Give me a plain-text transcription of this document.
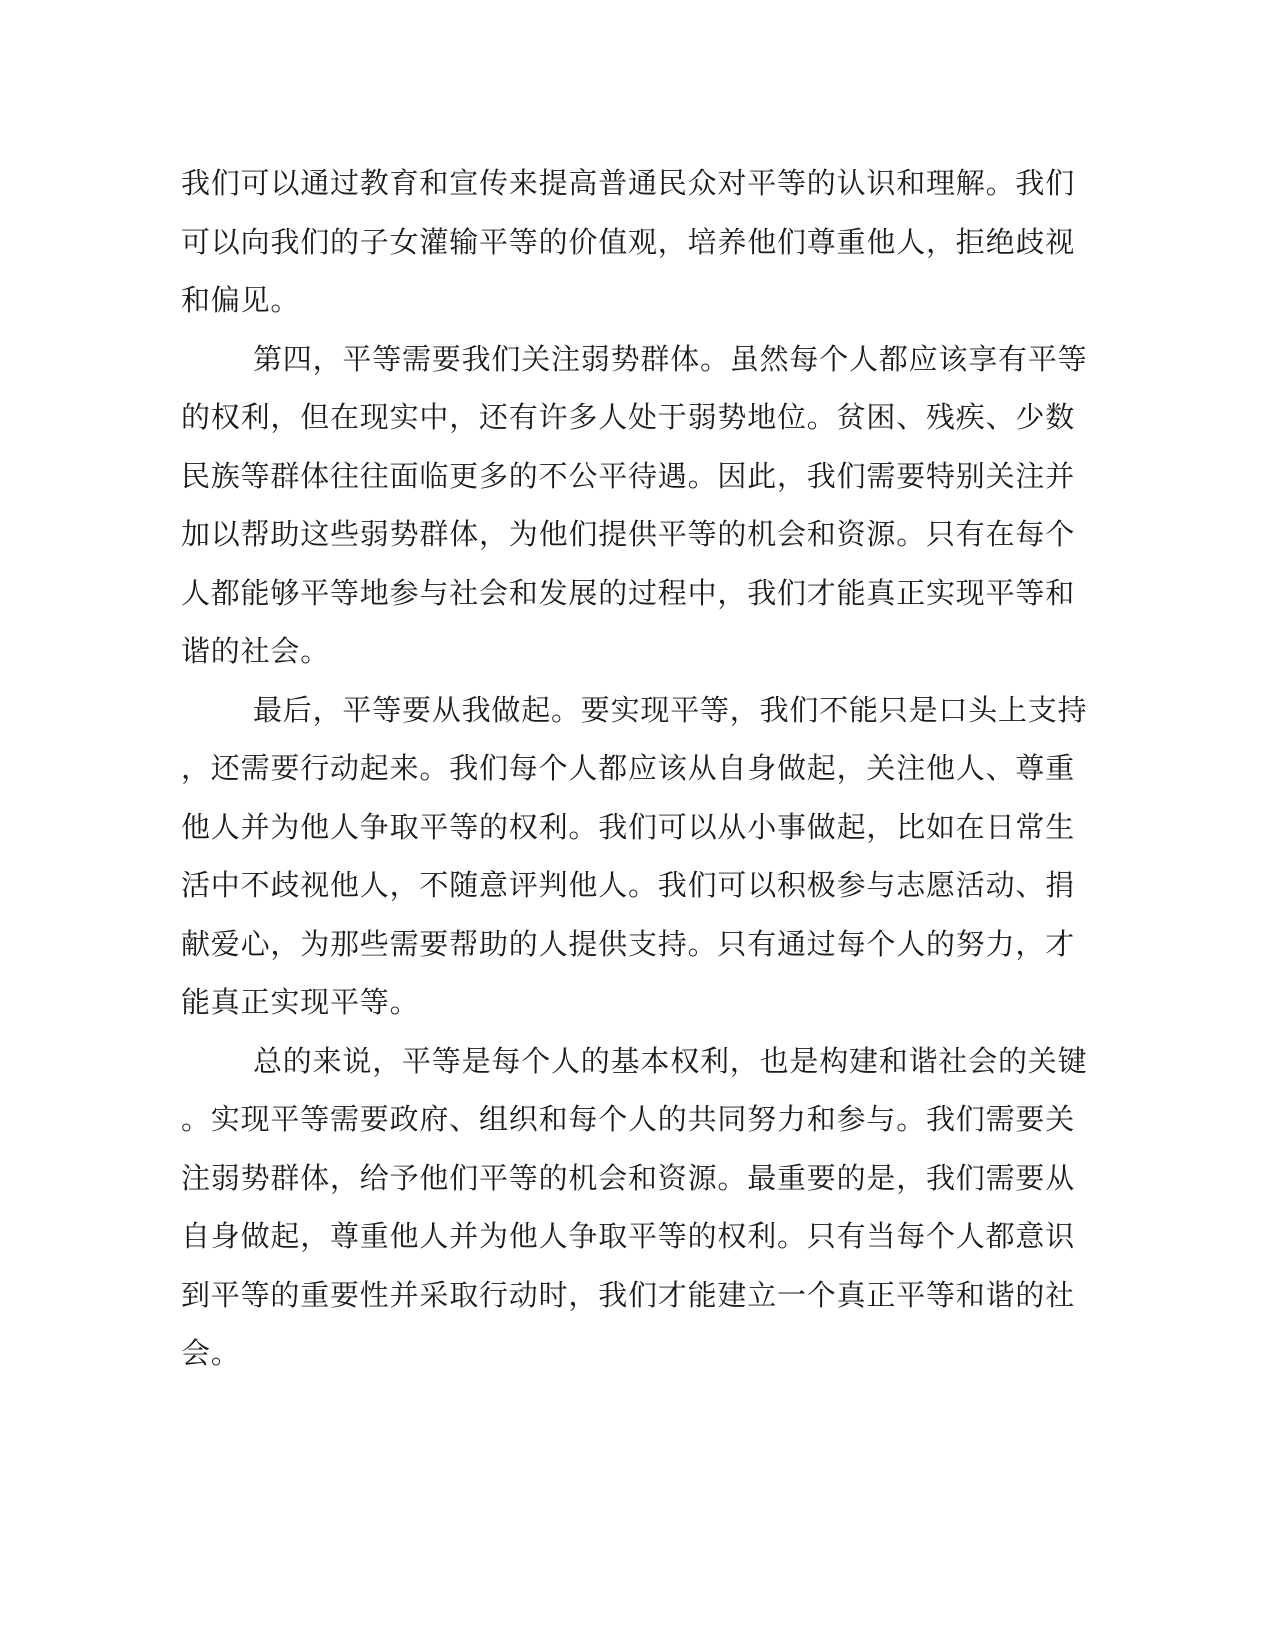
我们可以通过教育和宣传来提高普通民众对平等的认识和理解。我们
可以向我们的子女灌输平等的价值观，培养他们尊重他人，拒绝歧视
和偏见。
第四，平等需要我们关注弱势群体。虽然每个人都应该享有平等
的权利，但在现实中，还有许多人处于弱势地位。贫困、残疾、少数
民族等群体往往面临更多的不公平待遇。因此，我们需要特别关注并
加以帮助这些弱势群体，为他们提供平等的机会和资源。只有在每个
人都能够平等地参与社会和发展的过程中，我们才能真正实现平等和
谐的社会。
最后，平等要从我做起。要实现平等，我们不能只是口头上支持
，还需要行动起来。我们每个人都应该从自身做起，关注他人、尊重
他人并为他人争取平等的权利。我们可以从小事做起，比如在日常生
活中不歧视他人，不随意评判他人。我们可以积极参与志愿活动、捐
献爱心，为那些需要帮助的人提供支持。只有通过每个人的努力，才
能真正实现平等。
总的来说，平等是每个人的基本权利，也是构建和谐社会的关键
。实现平等需要政府、组织和每个人的共同努力和参与。我们需要关
注弱势群体，给予他们平等的机会和资源。最重要的是，我们需要从
自身做起，尊重他人并为他人争取平等的权利。只有当每个人都意识
到平等的重要性并采取行动时，我们才能建立一个真正平等和谐的社
会。
